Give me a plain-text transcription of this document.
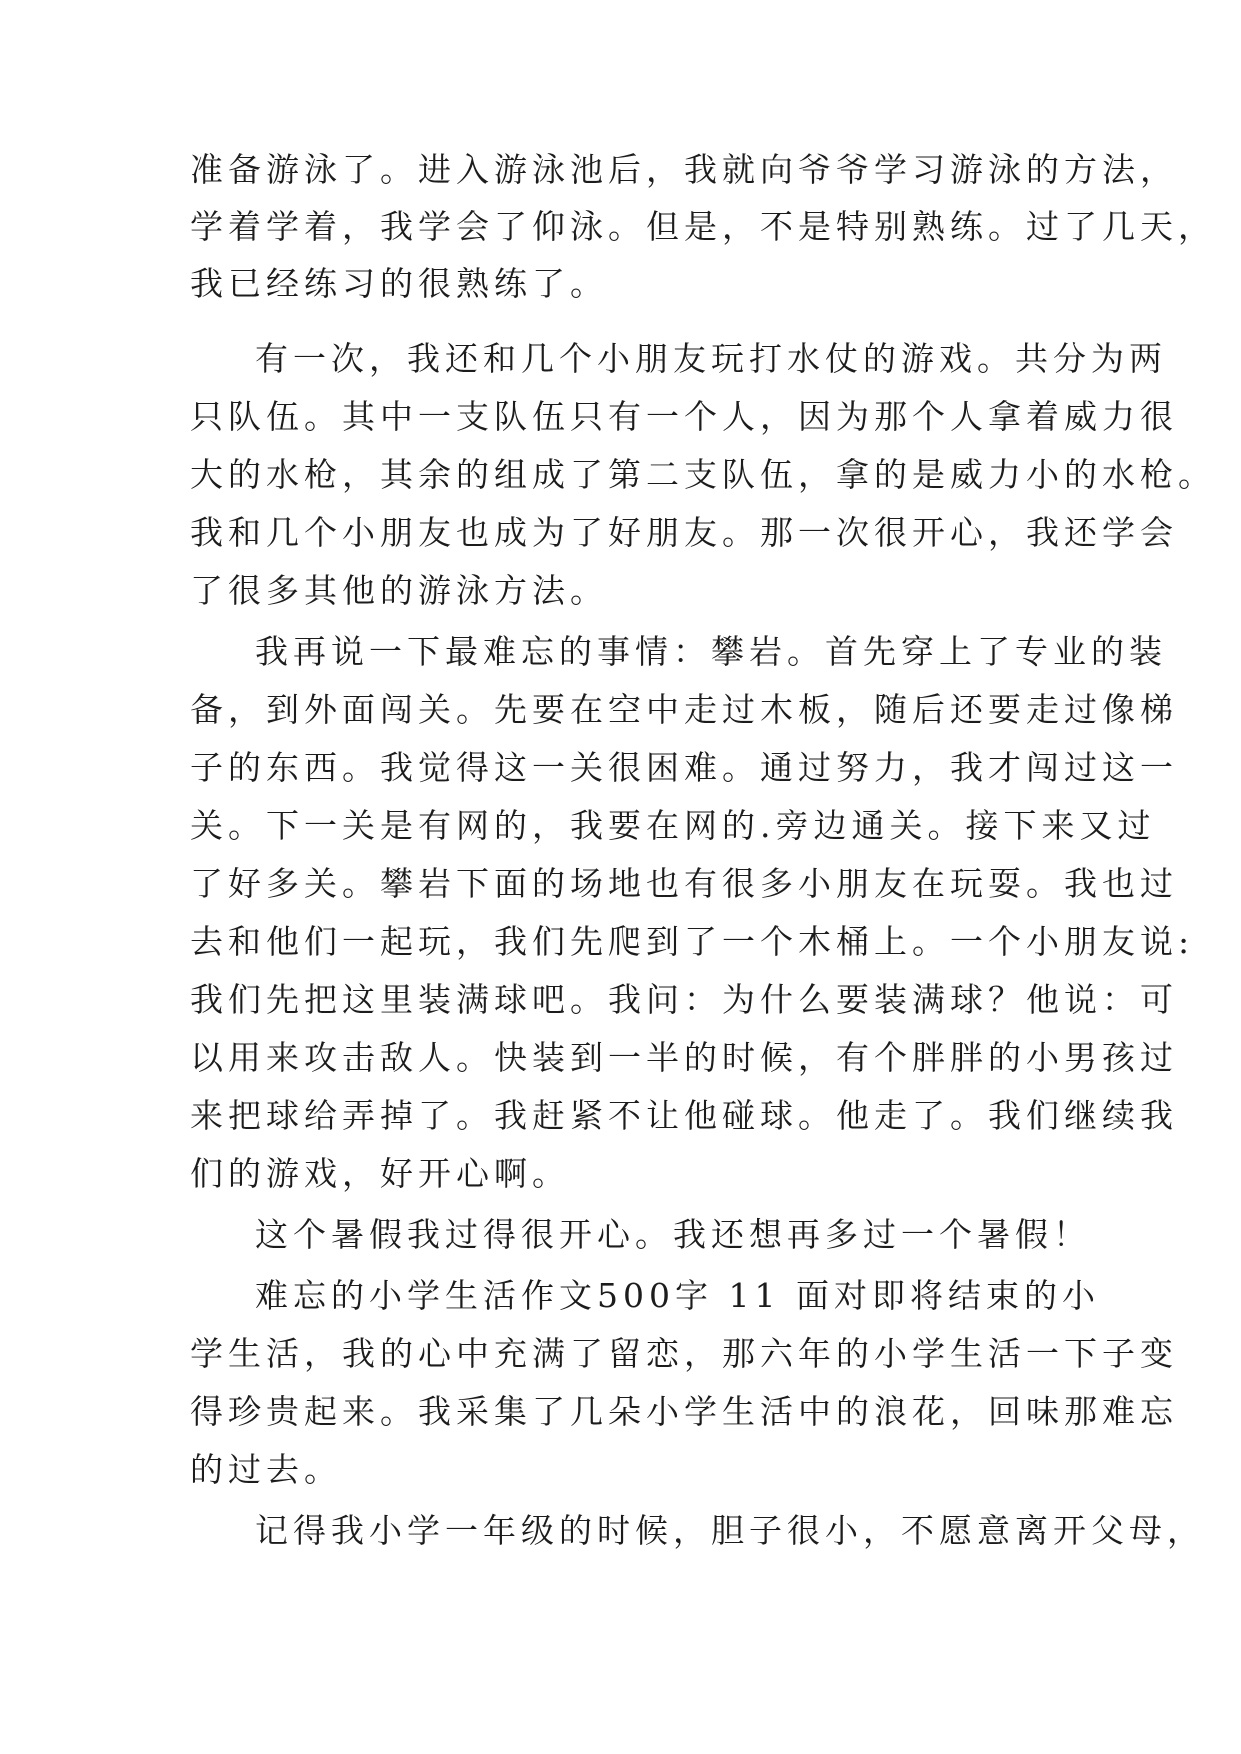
准备游泳了。进入游泳池后，我就向爷爷学习游泳的方法，

学着学着，我学会了仰泳。但是，不是特别熟练。过了几天，

我已经练习的很熟练了。

有一次，我还和几个小朋友玩打水仗的游戏。共分为两

只队伍。其中一支队伍只有一个人，因为那个人拿着威力很

大的水枪，其余的组成了第二支队伍，拿的是威力小的水枪。

我和几个小朋友也成为了好朋友。那一次很开心，我还学会

了很多其他的游泳方法。

我再说一下最难忘的事情：攀岩。首先穿上了专业的装

备，到外面闯关。先要在空中走过木板，随后还要走过像梯

子的东西。我觉得这一关很困难。通过努力，我才闯过这一

关。下一关是有网的，我要在网的.旁边通关。接下来又过

了好多关。攀岩下面的场地也有很多小朋友在玩耍。我也过

去和他们一起玩，我们先爬到了一个木桶上。一个小朋友说:

我们先把这里装满球吧。我问：为什么要装满球？他说：可

以用来攻击敌人。快装到一半的时候，有个胖胖的小男孩过

来把球给弄掉了。我赶紧不让他碰球。他走了。我们继续我

们的游戏，好开心啊。

这个暑假我过得很开心。我还想再多过一个暑假！

难忘的小学生活作文500字 11 面对即将结束的小

学生活，我的心中充满了留恋，那六年的小学生活一下子变

得珍贵起来。我采集了几朵小学生活中的浪花，回味那难忘

的过去。

记得我小学一年级的时候，胆子很小，不愿意离开父母，
